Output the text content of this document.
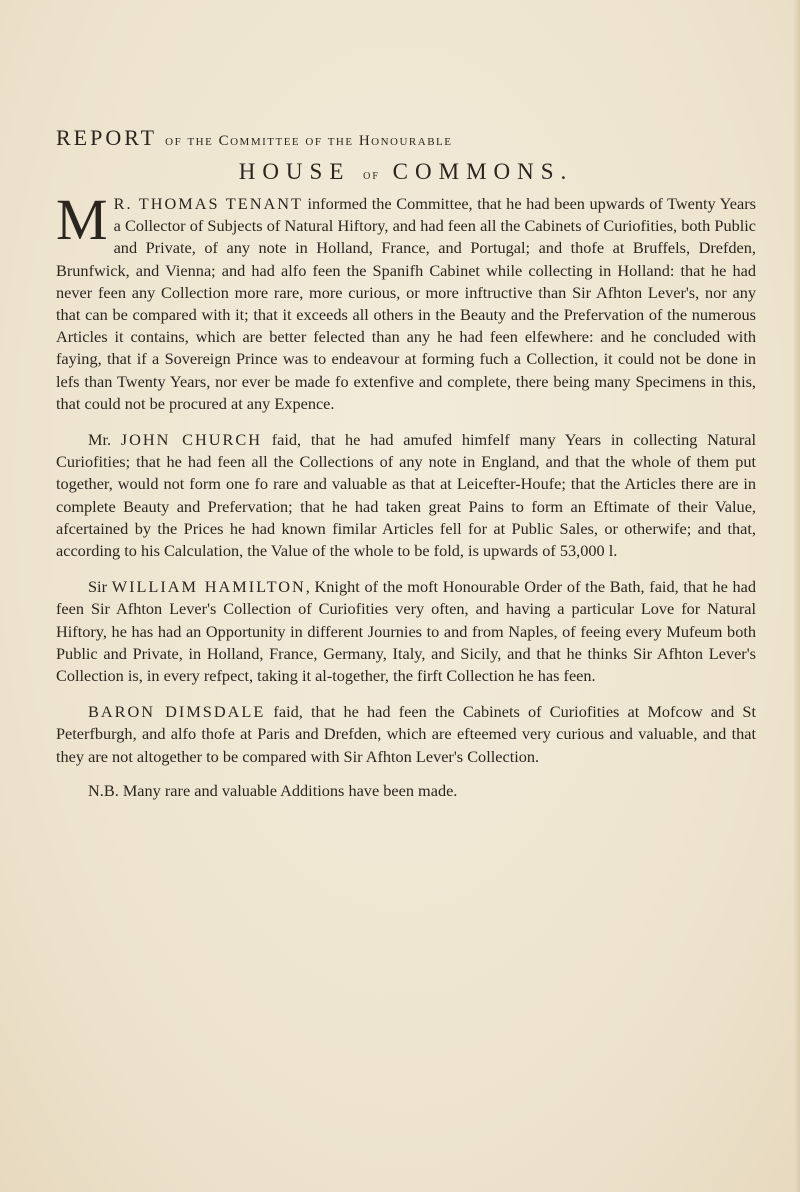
REPORT of the Committee of the Honourable

HOUSE of COMMONS.

M R. THOMAS TENANT informed the Committee, that he had been upwards of Twenty Years a Collector of Subjects of Natural Hiftory, and had feen all the Cabinets of Curiofities, both Public and Private, of any note in Holland, France, and Portugal; and thofe at Bruffels, Drefden, Brunfwick, and Vienna; and had alfo feen the Spanifh Cabinet while collecting in Holland: that he had never feen any Collection more rare, more curious, or more inftructive than Sir Afhton Lever's, nor any that can be compared with it; that it exceeds all others in the Beauty and the Prefervation of the numerous Articles it contains, which are better felected than any he had feen elfewhere: and he concluded with faying, that if a Sovereign Prince was to endeavour at forming fuch a Collection, it could not be done in lefs than Twenty Years, nor ever be made fo extenfive and complete, there being many Specimens in this, that could not be procured at any Expence.

Mr. JOHN CHURCH faid, that he had amufed himfelf many Years in collecting Natural Curiofities; that he had feen all the Collections of any note in England, and that the whole of them put together, would not form one fo rare and valuable as that at Leicefter-Houfe; that the Articles there are in complete Beauty and Prefervation; that he had taken great Pains to form an Eftimate of their Value, afcertained by the Prices he had known fimilar Articles fell for at Public Sales, or otherwife; and that, according to his Calculation, the Value of the whole to be fold, is upwards of 53,000 l.

Sir WILLIAM HAMILTON, Knight of the moft Honourable Order of the Bath, faid, that he had feen Sir Afhton Lever's Collection of Curiofities very often, and having a particular Love for Natural Hiftory, he has had an Opportunity in different Journies to and from Naples, of feeing every Mufeum both Public and Private, in Holland, France, Germany, Italy, and Sicily, and that he thinks Sir Afhton Lever's Collection is, in every refpect, taking it al-together, the firft Collection he has feen.

BARON DIMSDALE faid, that he had feen the Cabinets of Curiofities at Mofcow and St Peterfburgh, and alfo thofe at Paris and Drefden, which are efteemed very curious and valuable, and that they are not altogether to be compared with Sir Afhton Lever's Collection.

N.B. Many rare and valuable Additions have been made.
